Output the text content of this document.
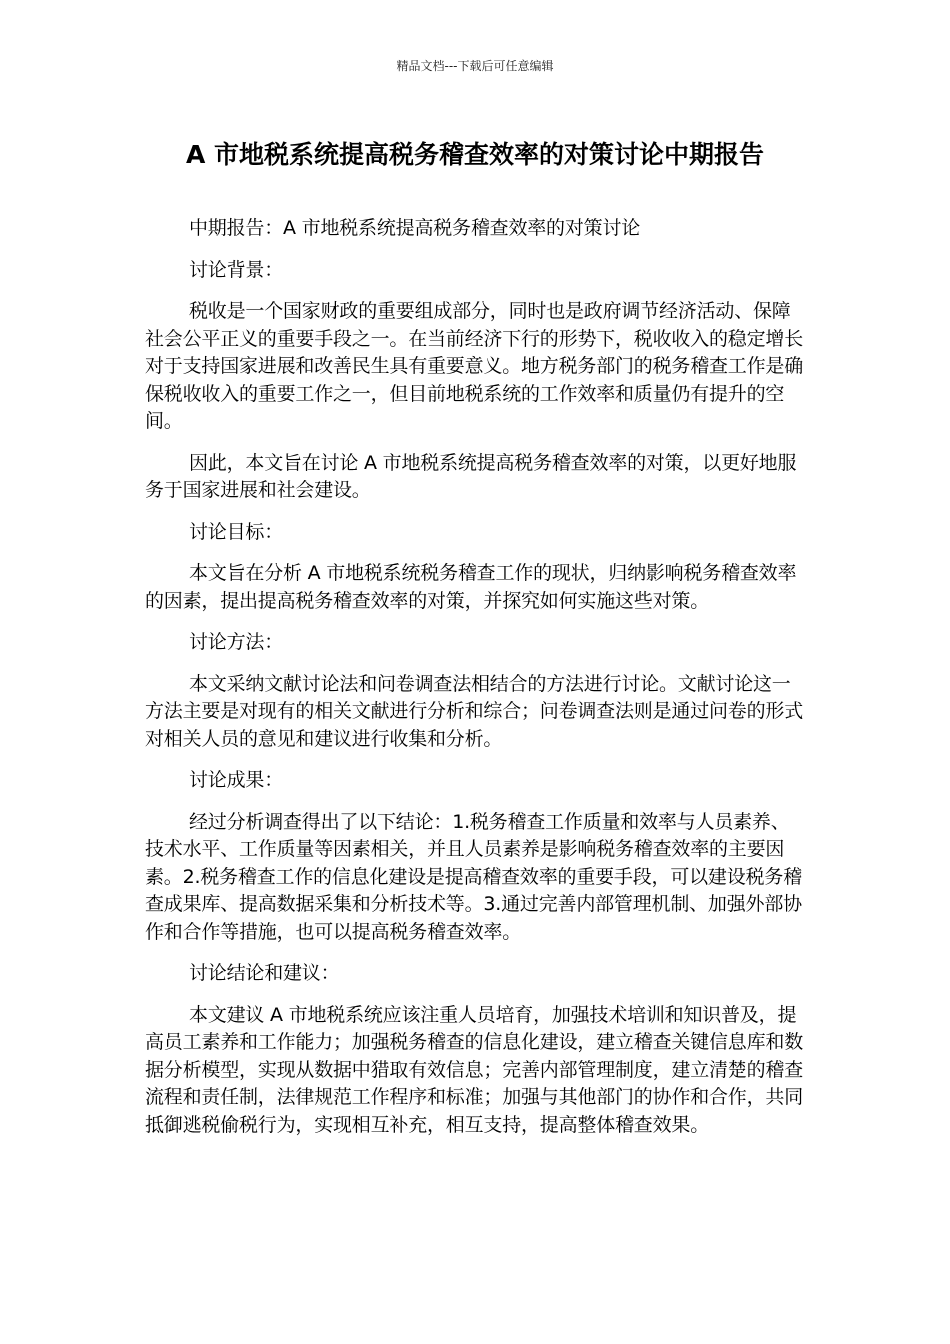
精品文档---下载后可任意编辑
A 市地税系统提高税务稽查效率的对策讨论中期报告

中期报告：A 市地税系统提高税务稽查效率的对策讨论

讨论背景：

税收是一个国家财政的重要组成部分，同时也是政府调节经济活动、保障社会公平正义的重要手段之一。在当前经济下行的形势下，税收收入的稳定增长对于支持国家进展和改善民生具有重要意义。地方税务部门的税务稽查工作是确保税收收入的重要工作之一，但目前地税系统的工作效率和质量仍有提升的空间。

因此，本文旨在讨论 A 市地税系统提高税务稽查效率的对策，以更好地服务于国家进展和社会建设。

讨论目标：

本文旨在分析 A 市地税系统税务稽查工作的现状，归纳影响税务稽查效率的因素，提出提高税务稽查效率的对策，并探究如何实施这些对策。

讨论方法：

本文采纳文献讨论法和问卷调查法相结合的方法进行讨论。文献讨论这一方法主要是对现有的相关文献进行分析和综合；问卷调查法则是通过问卷的形式对相关人员的意见和建议进行收集和分析。

讨论成果：

经过分析调查得出了以下结论：1.税务稽查工作质量和效率与人员素养、技术水平、工作质量等因素相关，并且人员素养是影响税务稽查效率的主要因素。2.税务稽查工作的信息化建设是提高稽查效率的重要手段，可以建设税务稽查成果库、提高数据采集和分析技术等。3.通过完善内部管理机制、加强外部协作和合作等措施，也可以提高税务稽查效率。

讨论结论和建议：

本文建议 A 市地税系统应该注重人员培育，加强技术培训和知识普及，提高员工素养和工作能力；加强税务稽查的信息化建设，建立稽查关键信息库和数据分析模型，实现从数据中猎取有效信息；完善内部管理制度，建立清楚的稽查流程和责任制，法律规范工作程序和标准；加强与其他部门的协作和合作，共同抵御逃税偷税行为，实现相互补充，相互支持，提高整体稽查效果。
